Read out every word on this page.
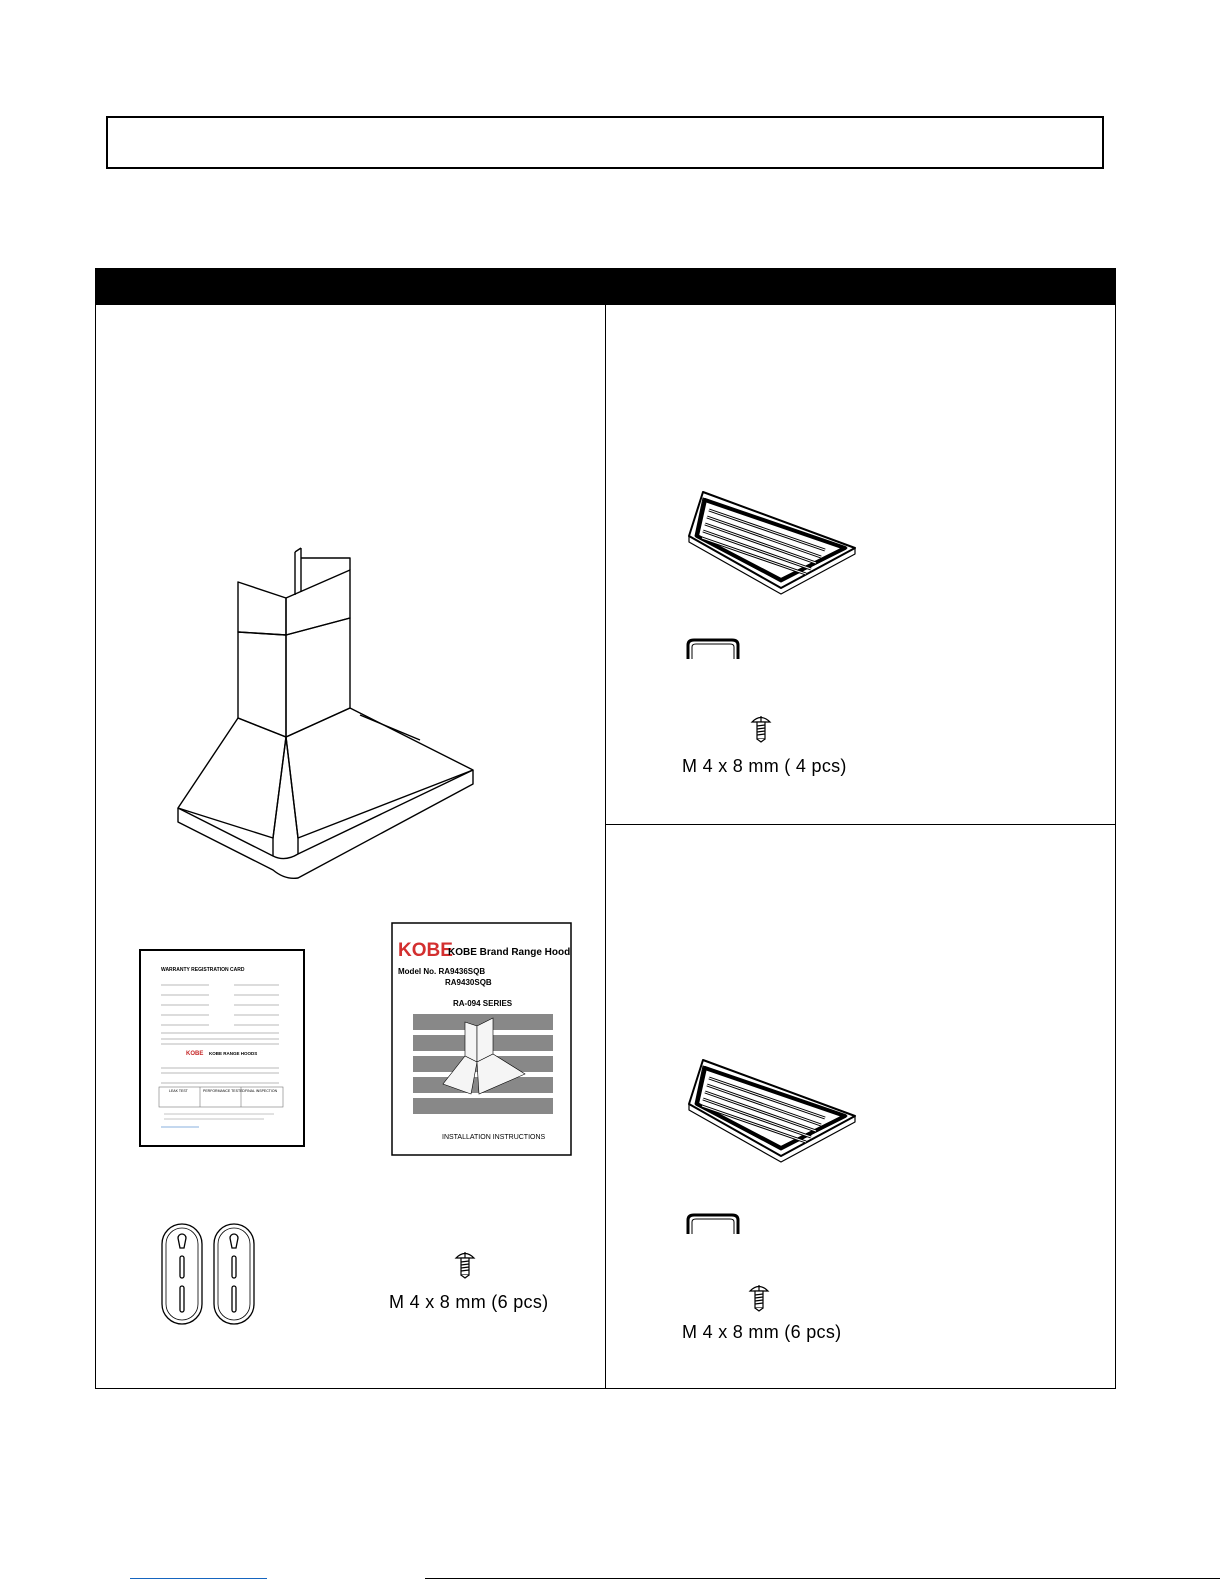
WARRANTY REGISTRATION CARD
KOBE KOBE RANGE HOODS
LEAK TEST	PERFORMANCE TESTED FINAL INSPECTION
KOBE
KOBE Brand Range Hood
Model No. RA9436SQB
RA9430SQB
RA-094 SERIES
INSTALLATION INSTRUCTIONS
M 4 x 8 mm (6 pcs)
M 4 x 8 mm ( 4 pcs)
M 4 x 8 mm (6 pcs)
